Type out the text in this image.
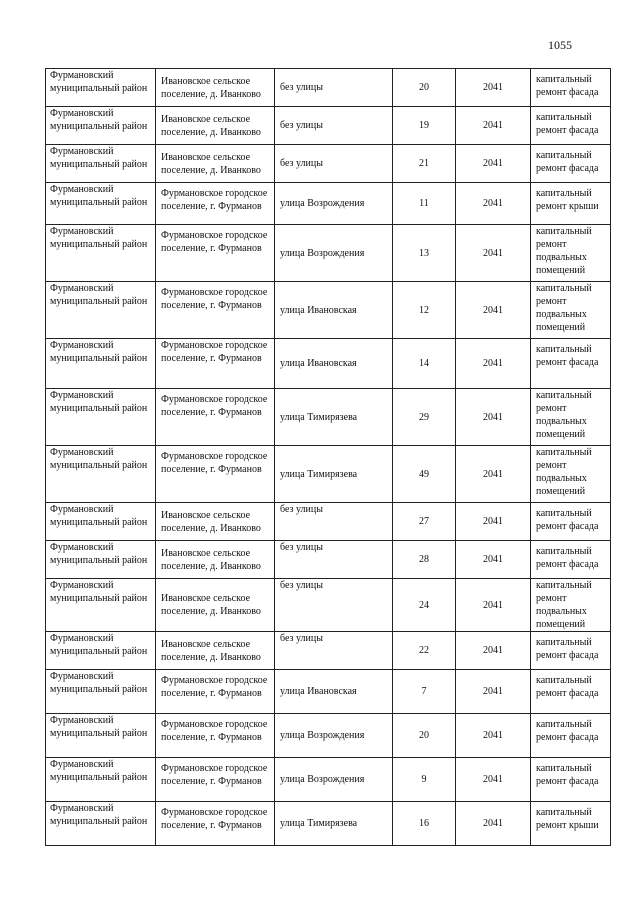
1055
Фурмановский муниципальный район	Ивановское сельское поселение, д. Иванково	без улицы	20	2041	капитальный ремонт фасада
Фурмановский муниципальный район	Ивановское сельское поселение, д. Иванково	без улицы	19	2041	капитальный ремонт фасада
Фурмановский муниципальный район	Ивановское сельское поселение, д. Иванково	без улицы	21	2041	капитальный ремонт фасада
Фурмановский муниципальный район	Фурмановское городское поселение, г. Фурманов	улица Возрождения	11	2041	капитальный ремонт крыши
Фурмановский муниципальный район	Фурмановское городское поселение, г. Фурманов	улица Возрождения	13	2041	капитальный ремонт подвальных помещений
Фурмановский муниципальный район	Фурмановское городское поселение, г. Фурманов	улица Ивановская	12	2041	капитальный ремонт подвальных помещений
Фурмановский муниципальный район	Фурмановское городское поселение, г. Фурманов	улица Ивановская	14	2041	капитальный ремонт фасада
Фурмановский муниципальный район	Фурмановское городское поселение, г. Фурманов	улица Тимирязева	29	2041	капитальный ремонт подвальных помещений
Фурмановский муниципальный район	Фурмановское городское поселение, г. Фурманов	улица Тимирязева	49	2041	капитальный ремонт подвальных помещений
Фурмановский муниципальный район	Ивановское сельское поселение, д. Иванково	без улицы	27	2041	капитальный ремонт фасада
Фурмановский муниципальный район	Ивановское сельское поселение, д. Иванково	без улицы	28	2041	капитальный ремонт фасада
Фурмановский муниципальный район	Ивановское сельское поселение, д. Иванково	без улицы	24	2041	капитальный ремонт подвальных помещений
Фурмановский муниципальный район	Ивановское сельское поселение, д. Иванково	без улицы	22	2041	капитальный ремонт фасада
Фурмановский муниципальный район	Фурмановское городское поселение, г. Фурманов	улица Ивановская	7	2041	капитальный ремонт фасада
Фурмановский муниципальный район	Фурмановское городское поселение, г. Фурманов	улица Возрождения	20	2041	капитальный ремонт фасада
Фурмановский муниципальный район	Фурмановское городское поселение, г. Фурманов	улица Возрождения	9	2041	капитальный ремонт фасада
Фурмановский муниципальный район	Фурмановское городское поселение, г. Фурманов	улица Тимирязева	16	2041	капитальный ремонт крыши
